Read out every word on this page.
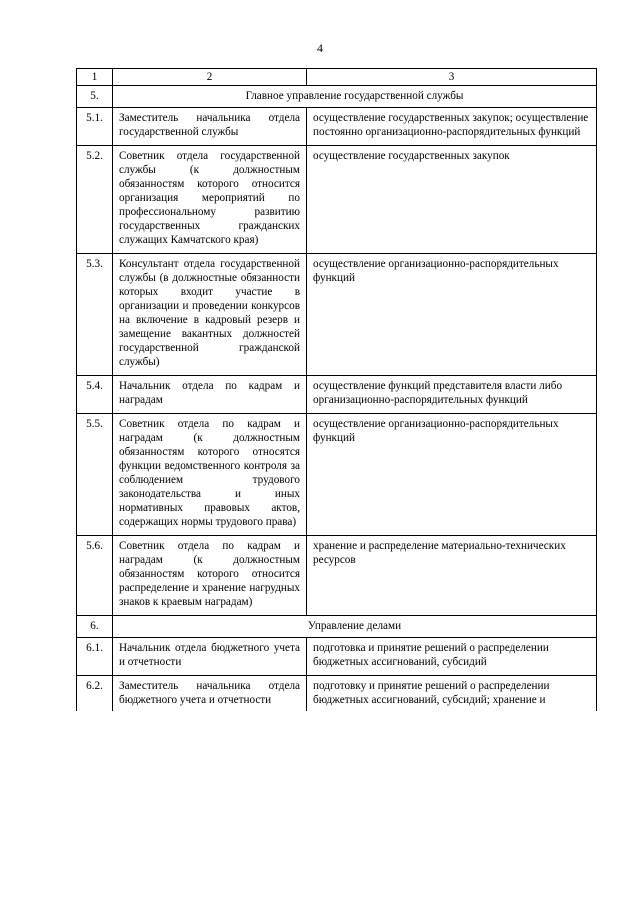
4
1	2	3
5.	Главное управление государственной службы	
5.1.	Заместитель начальника отдела государственной службы	осуществление государственных закупок; осуществление постоянно организационно-распорядительных функций
5.2.	Советник отдела государственной службы (к должностным обязанностям которого относится организация мероприятий по профессиональному развитию государственных гражданских служащих Камчатского края)	осуществление государственных закупок
5.3.	Консультант отдела государственной службы (в должностные обязанности которых входит участие в организации и проведении конкурсов на включение в кадровый резерв и замещение вакантных должностей государственной гражданской службы)	осуществление организационно-распорядительных функций
5.4.	Начальник отдела по кадрам и наградам	осуществление функций представителя власти либо организационно-распорядительных функций
5.5.	Советник отдела по кадрам и наградам (к должностным обязанностям которого относятся функции ведомственного контроля за соблюдением трудового законодательства и иных нормативных правовых актов, содержащих нормы трудового права)	осуществление организационно-распорядительных функций
5.6.	Советник отдела по кадрам и наградам (к должностным обязанностям которого относится распределение и хранение нагрудных знаков к краевым наградам)	хранение и распределение материально-технических ресурсов
6.	Управление делами	
6.1.	Начальник отдела бюджетного учета и отчетности	подготовка и принятие решений о распределении бюджетных ассигнований, субсидий
6.2.	Заместитель начальника отдела бюджетного учета и отчетности	подготовку и принятие решений о распределении бюджетных ассигнований, субсидий; хранение и
